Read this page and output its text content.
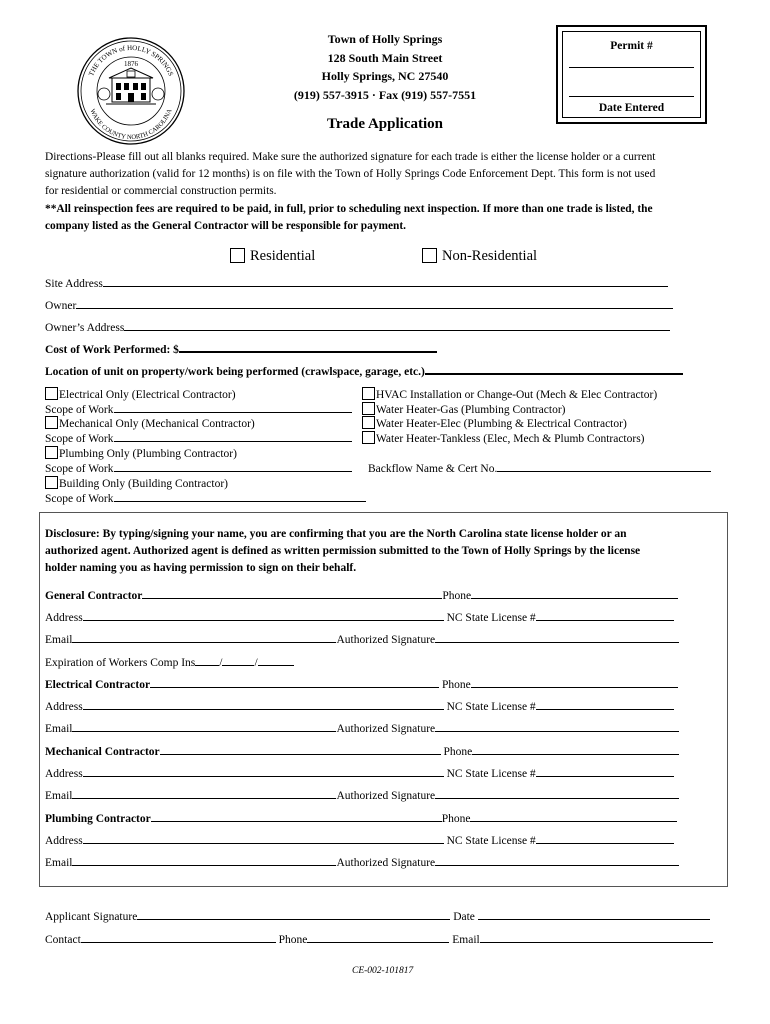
THE TOWN of HOLLY SPRINGS
WAKE COUNTY NORTH CAROLINA
1876
Town of Holly Springs
128 South Main Street
Holly Springs, NC 27540
(919) 557-3915 · Fax (919) 557-7551
Permit #
Date Entered
Trade Application
Directions-Please fill out all blanks required. Make sure the authorized signature for each trade is either the license holder or a current
signature authorization (valid for 12 months) is on file with the Town of Holly Springs Code Enforcement Dept. This form is not used
for residential or commercial construction permits.
**All reinspection fees are required to be paid, in full, prior to scheduling next inspection. If more than one trade is listed, the
company listed as the General Contractor will be responsible for payment.
Residential	Non-Residential
Site Address
Owner
Owner’s Address
Cost of Work Performed: $
Location of unit on property/work being performed (crawlspace, garage, etc.)
Electrical Only (Electrical Contractor)
Scope of Work
Mechanical Only (Mechanical Contractor)
Scope of Work
Plumbing Only (Plumbing Contractor)
Scope of Work
Building Only (Building Contractor)
Scope of Work
HVAC Installation or Change-Out (Mech & Elec Contractor)
Water Heater-Gas (Plumbing Contractor)
Water Heater-Elec (Plumbing & Electrical Contractor)
Water Heater-Tankless (Elec, Mech & Plumb Contractors)
Backflow Name & Cert No.
Disclosure: By typing/signing your name, you are confirming that you are the North Carolina state license holder or an
authorized agent. Authorized agent is defined as written permission submitted to the Town of Holly Springs by the license
holder naming you as having permission to sign on their behalf.
General Contractor	Phone
Address	NC State License #
Email	Authorized Signature
Expiration of Workers Comp Ins /	/
Electrical Contractor	Phone
Address	NC State License #
Email	Authorized Signature
Mechanical Contractor	Phone
Address	NC State License #
Email	Authorized Signature
Plumbing Contractor	Phone
Address	NC State License #
Email	Authorized Signature
Applicant Signature	Date
Contact	Phone	Email
CE-002-101817
